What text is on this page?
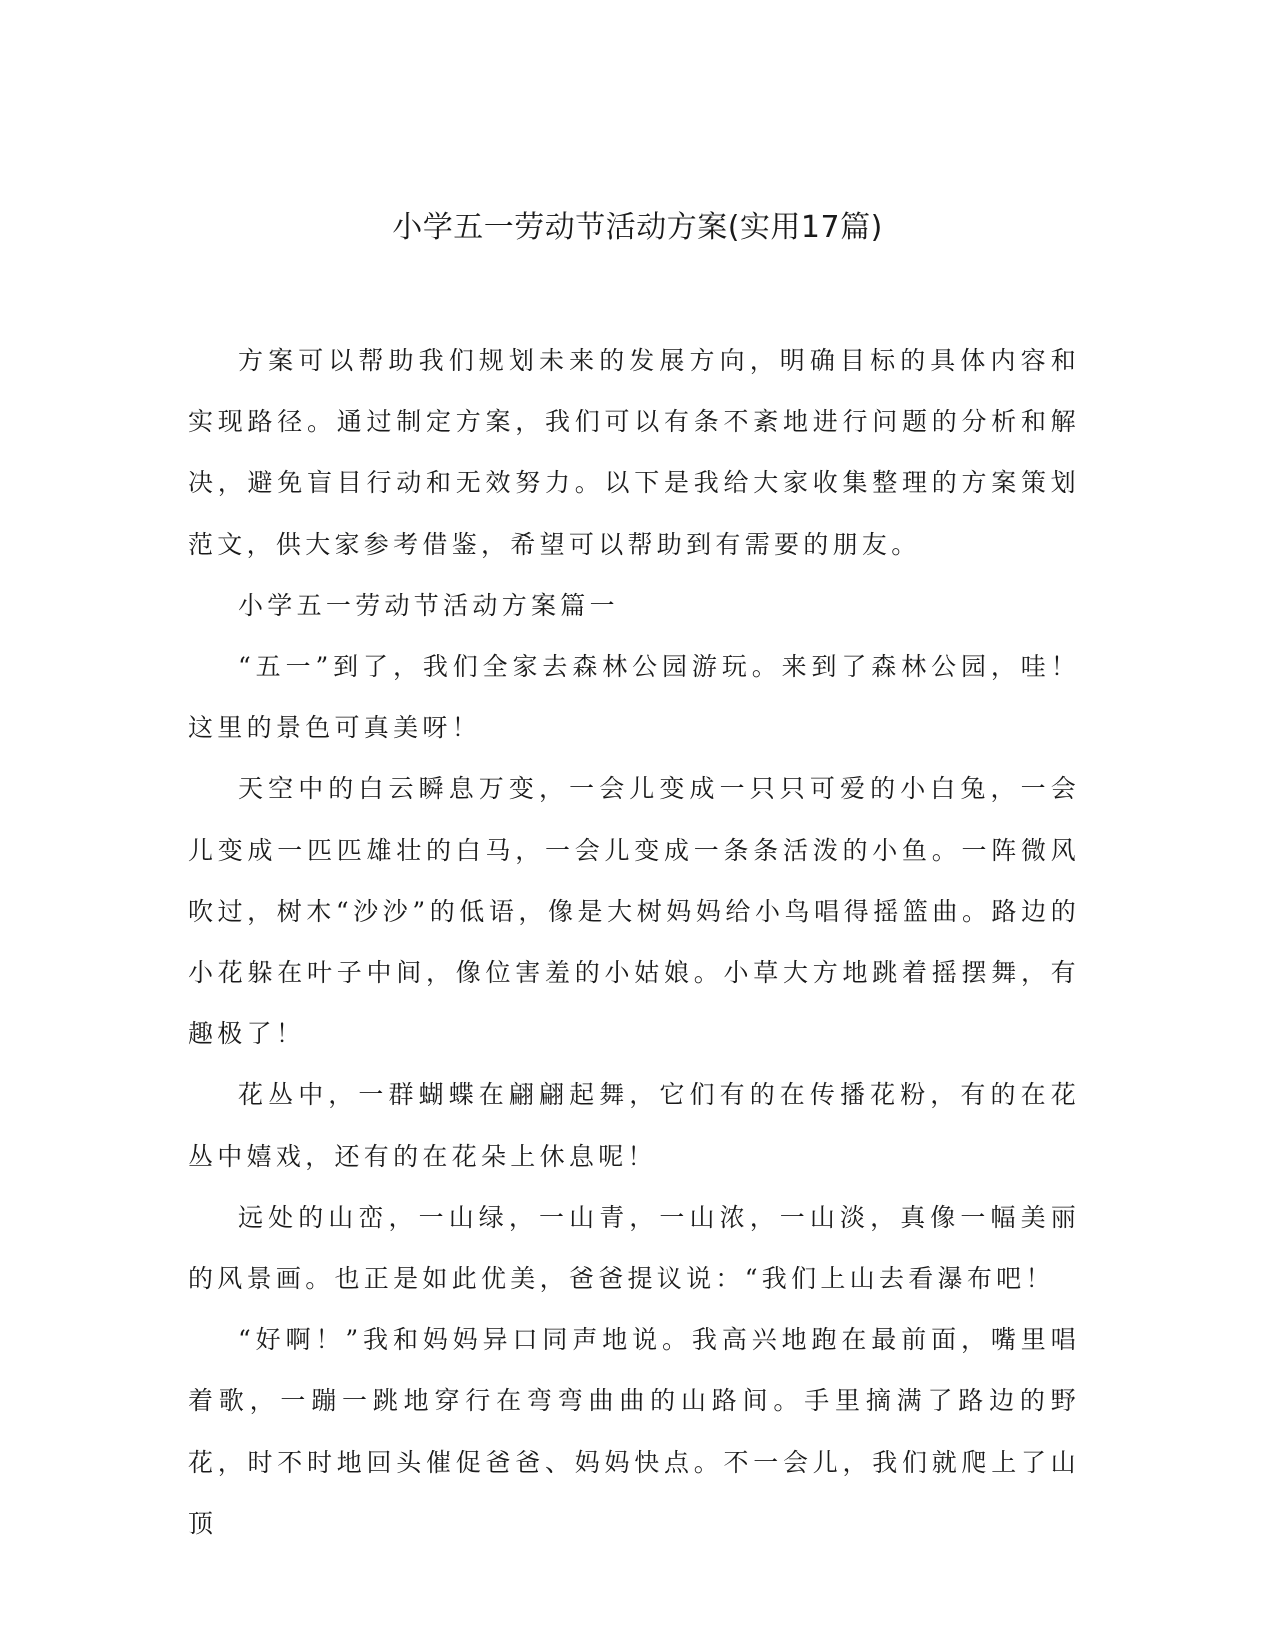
小学五一劳动节活动方案(实用17篇)

方案可以帮助我们规划未来的发展方向，明确目标的具体内容和实现路径。通过制定方案，我们可以有条不紊地进行问题的分析和解决，避免盲目行动和无效努力。以下是我给大家收集整理的方案策划范文，供大家参考借鉴，希望可以帮助到有需要的朋友。

小学五一劳动节活动方案篇一

“五一”到了，我们全家去森林公园游玩。来到了森林公园，哇！这里的景色可真美呀！

天空中的白云瞬息万变，一会儿变成一只只可爱的小白兔，一会儿变成一匹匹雄壮的白马，一会儿变成一条条活泼的小鱼。一阵微风吹过，树木“沙沙”的低语，像是大树妈妈给小鸟唱得摇篮曲。路边的小花躲在叶子中间，像位害羞的小姑娘。小草大方地跳着摇摆舞，有趣极了！

花丛中，一群蝴蝶在翩翩起舞，它们有的在传播花粉，有的在花丛中嬉戏，还有的在花朵上休息呢！

远处的山峦，一山绿，一山青，一山浓，一山淡，真像一幅美丽的风景画。也正是如此优美，爸爸提议说：“我们上山去看瀑布吧！

“好啊！”我和妈妈异口同声地说。我高兴地跑在最前面，嘴里唱着歌，一蹦一跳地穿行在弯弯曲曲的山路间。手里摘满了路边的野花，时不时地回头催促爸爸、妈妈快点。不一会儿，我们就爬上了山顶
